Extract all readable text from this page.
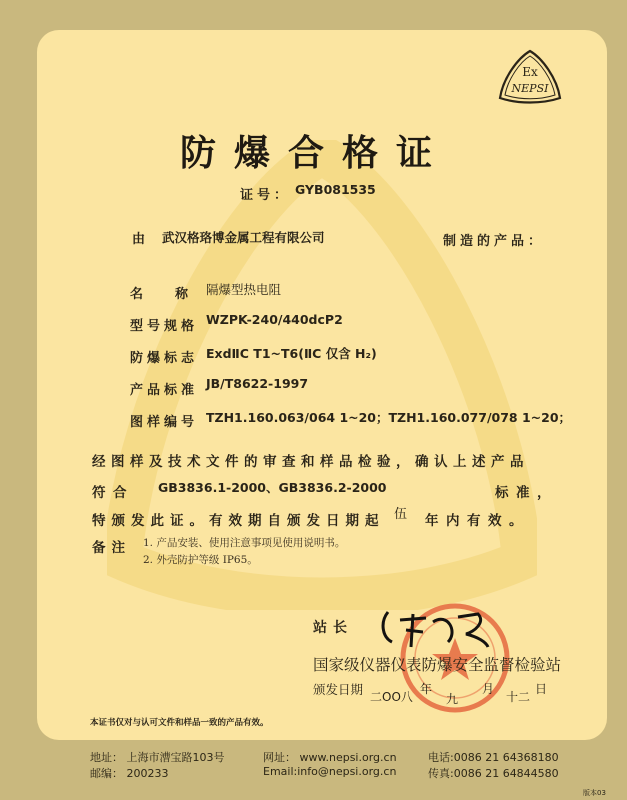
Ex
NEPSI
防爆合格证
证号： GYB081535
由 武汉格珞博金属工程有限公司	制造的产品：
名　　称 隔爆型热电阻
型号规格 WZPK-240/440dcP2
防爆标志 ExdⅡC T1~T6(ⅡC 仅含 H₂)
产品标准 JB/T8622-1997
图样编号 TZH1.160.063/064 1~20；TZH1.160.077/078 1~20；
经图样及技术文件的审查和样品检验，确认上述产品
符合 GB3836.1-2000、GB3836.2-2000	标准，
特颁发此证。有效期自颁发日期起 伍 年内有效。
备注 1. 产品安装、使用注意事项见使用说明书。
2. 外壳防护等级 IP65。
站长
国家级仪器仪表防爆安全监督检验站
颁发日期 二OO八
年
九
月
十二
日
本证书仅对与认可文件和样品一致的产品有效。
地址： 上海市漕宝路103号
邮编： 200233
网址： www.nepsi.org.cn
Email:info@nepsi.org.cn
电话:0086 21 64368180
传真:0086 21 64844580
版本03
